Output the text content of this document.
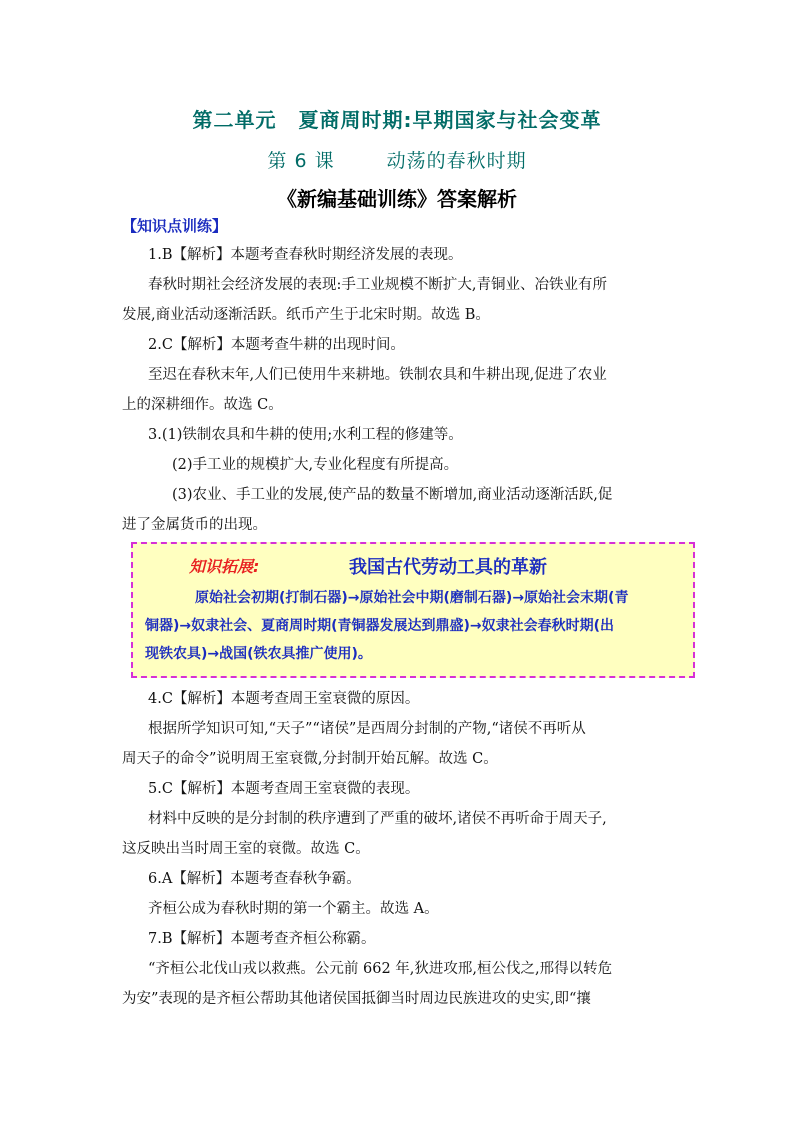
第二单元 夏商周时期:早期国家与社会变革
第 6 课	动荡的春秋时期
《新编基础训练》答案解析
【知识点训练】
1.B【解析】本题考查春秋时期经济发展的表现。
春秋时期社会经济发展的表现:手工业规模不断扩大,青铜业、冶铁业有所
发展,商业活动逐渐活跃。纸币产生于北宋时期。故选 B。
2.C【解析】本题考查牛耕的出现时间。
至迟在春秋末年,人们已使用牛来耕地。铁制农具和牛耕出现,促进了农业
上的深耕细作。故选 C。
3.(1)铁制农具和牛耕的使用;水利工程的修建等。
(2)手工业的规模扩大,专业化程度有所提高。
(3)农业、手工业的发展,使产品的数量不断增加,商业活动逐渐活跃,促
进了金属货币的出现。
知识拓展:	我国古代劳动工具的革新
原始社会初期(打制石器)→原始社会中期(磨制石器)→原始社会末期(青
铜器)→奴隶社会、夏商周时期(青铜器发展达到鼎盛)→奴隶社会春秋时期(出
现铁农具)→战国(铁农具推广使用)。
4.C【解析】本题考查周王室衰微的原因。
根据所学知识可知,“天子”“诸侯”是西周分封制的产物,“诸侯不再听从
周天子的命令”说明周王室衰微,分封制开始瓦解。故选 C。
5.C【解析】本题考查周王室衰微的表现。
材料中反映的是分封制的秩序遭到了严重的破坏,诸侯不再听命于周天子,
这反映出当时周王室的衰微。故选 C。
6.A【解析】本题考查春秋争霸。
齐桓公成为春秋时期的第一个霸主。故选 A。
7.B【解析】本题考查齐桓公称霸。
“齐桓公北伐山戎以救燕。公元前 662 年,狄进攻邢,桓公伐之,邢得以转危
为安”表现的是齐桓公帮助其他诸侯国抵御当时周边民族进攻的史实,即“攘
